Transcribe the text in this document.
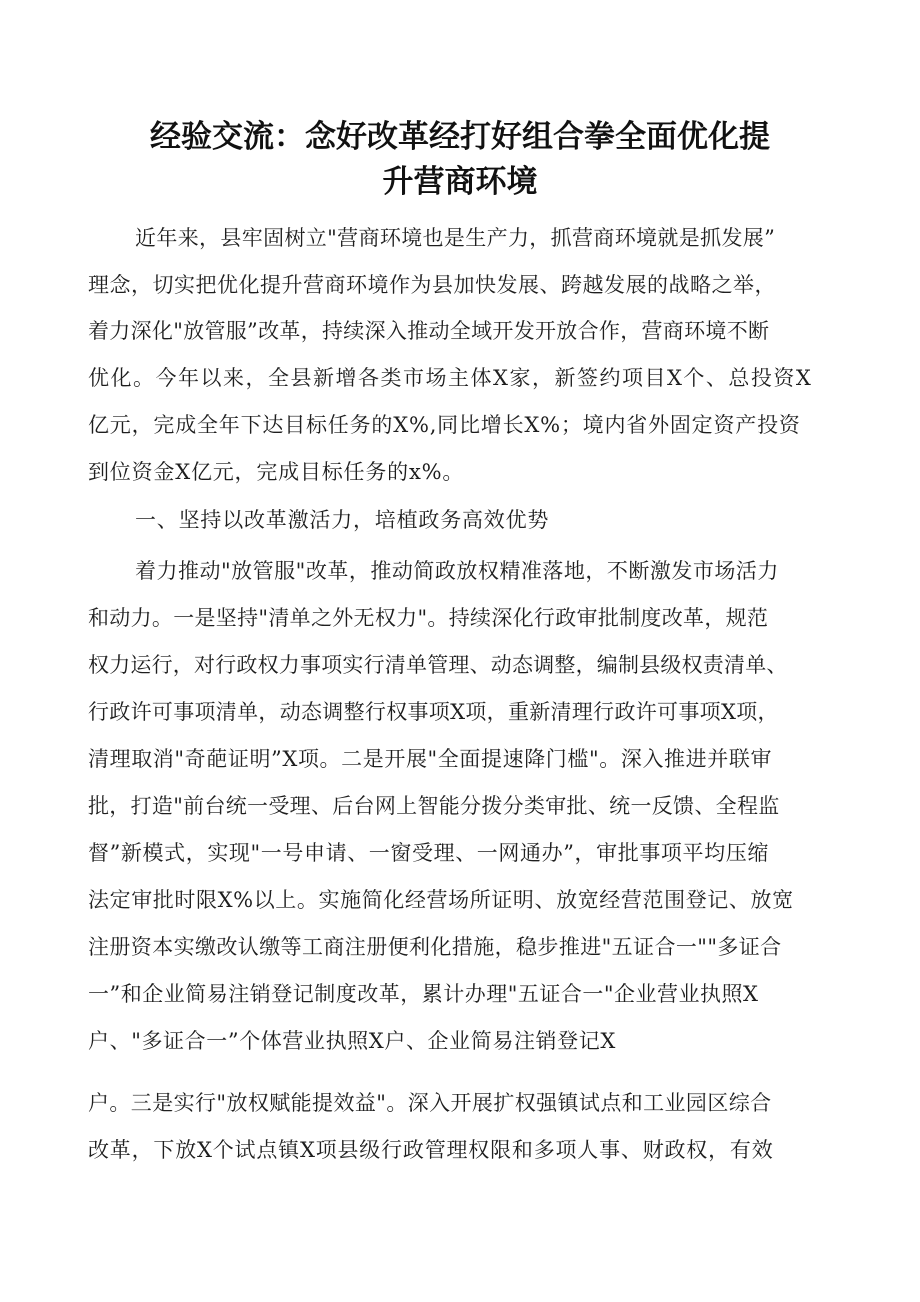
经验交流：念好改革经打好组合拳全面优化提
升营商环境

近年来，县牢固树立"营商环境也是生产力，抓营商环境就是抓发展”

理念，切实把优化提升营商环境作为县加快发展、跨越发展的战略之举，

着力深化"放管服”改革，持续深入推动全域开发开放合作，营商环境不断

优化。今年以来，全县新增各类市场主体X家，新签约项目X个、总投资X

亿元，完成全年下达目标任务的X%,同比增长X%；境内省外固定资产投资

到位资金X亿元，完成目标任务的x%。

一、坚持以改革激活力，培植政务高效优势

着力推动"放管服"改革，推动简政放权精准落地，不断激发市场活力

和动力。一是坚持"清单之外无权力"。持续深化行政审批制度改革，规范

权力运行，对行政权力事项实行清单管理、动态调整，编制县级权责清单、

行政许可事项清单，动态调整行权事项X项，重新清理行政许可事项X项，

清理取消"奇葩证明”X项。二是开展"全面提速降门槛"。深入推进并联审

批，打造"前台统一受理、后台网上智能分拨分类审批、统一反馈、全程监

督”新模式，实现"一号申请、一窗受理、一网通办”，审批事项平均压缩

法定审批时限X%以上。实施简化经营场所证明、放宽经营范围登记、放宽

注册资本实缴改认缴等工商注册便利化措施，稳步推进"五证合一""多证合

一”和企业简易注销登记制度改革，累计办理"五证合一"企业营业执照X

户、"多证合一”个体营业执照X户、企业简易注销登记X

户。三是实行"放权赋能提效益"。深入开展扩权强镇试点和工业园区综合

改革，下放X个试点镇X项县级行政管理权限和多项人事、财政权，有效
